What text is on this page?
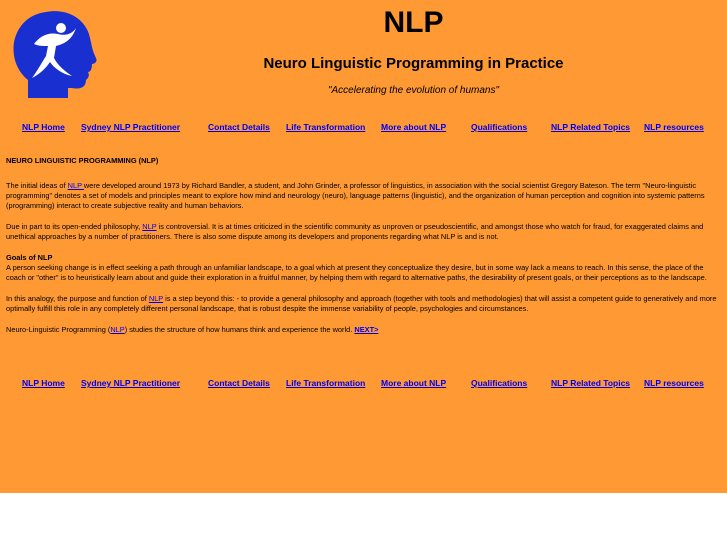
NLP
Neuro Linguistic Programming in Practice
"Accelerating the evolution of humans"
NLP Home Sydney NLP Practitioner	Contact Details Life Transformation More about NLP	Qualifications	NLP Related Topics NLP resources

NEURO LINGUISTIC PROGRAMMING (NLP)

The initial ideas of NLP were developed around 1973 by Richard Bandler, a student, and John Grinder, a professor of linguistics, in association with the social scientist Gregory Bateson. The term "Neuro-linguistic programming" denotes a set of models and principles meant to explore how mind and neurology (neuro), language patterns (linguistic), and the organization of human perception and cognition into systemic patterns (programming) interact to create subjective reality and human behaviors.

Due in part to its open-ended philosophy, NLP is controversial. It is at times criticized in the scientific community as unproven or pseudoscientific, and amongst those who watch for fraud, for exaggerated claims and unethical approaches by a number of practitioners. There is also some dispute among its developers and proponents regarding what NLP is and is not.

Goals of NLP
A person seeking change is in effect seeking a path through an unfamiliar landscape, to a goal which at present they conceptualize they desire, but in some way lack a means to reach. In this sense, the place of the coach or "other" is to heuristically learn about and guide their exploration in a fruitful manner, by helping them with regard to alternative paths, the desirability of present goals, or their perceptions as to the landscape.

In this analogy, the purpose and function of NLP is a step beyond this: - to provide a general philosophy and approach (together with tools and methodologies) that will assist a competent guide to generatively and more optimally fulfill this role in any completely different personal landscape, that is robust despite the immense variability of people, psychologies and circumstances.

Neuro-Linguistic Programming (NLP) studies the structure of how humans think and experience the world. NEXT>

NLP Home Sydney NLP Practitioner	Contact Details Life Transformation More about NLP	Qualifications	NLP Related Topics NLP resources
